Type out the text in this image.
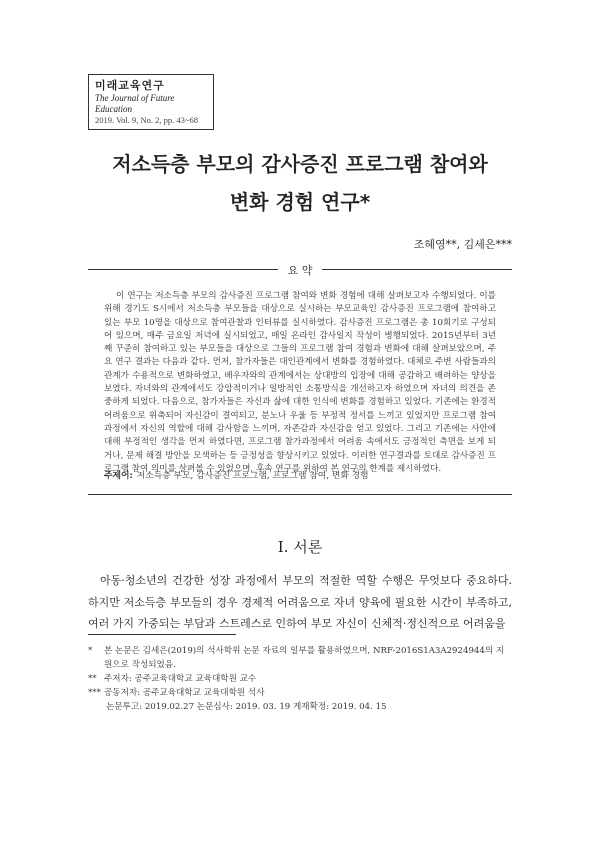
미래교육연구
The Journal of Future Education
2019. Vol. 9, No. 2, pp. 43~68
저소득층 부모의 감사증진 프로그램 참여와
변화 경험 연구*
조혜영**, 김세은***
요 약

이 연구는 저소득층 부모의 감사증진 프로그램 참여와 변화 경험에 대해 살펴보고자 수행되었다. 이를 위해 경기도 S시에서 저소득층 부모들을 대상으로 실시하는 부모교육인 감사증진 프로그램에 참여하고 있는 부모 10명을 대상으로 참여관찰과 인터뷰를 실시하였다. 감사증진 프로그램은 총 10회기로 구성되어 있으며, 매주 금요일 저녁에 실시되었고, 매일 온라인 감사일지 작성이 병행되었다. 2015년부터 3년째 꾸준히 참여하고 있는 부모들을 대상으로 그들의 프로그램 참여 경험과 변화에 대해 살펴보았으며, 주요 연구 결과는 다음과 같다. 먼저, 참가자들은 대인관계에서 변화를 경험하였다. 대체로 주변 사람들과의 관계가 수용적으로 변화하였고, 배우자와의 관계에서는 상대방의 입장에 대해 공감하고 배려하는 양상을 보였다. 자녀와의 관계에서도 강압적이거나 일방적인 소통방식을 개선하고자 하였으며 자녀의 의견을 존중하게 되었다. 다음으로, 참가자들은 자신과 삶에 대한 인식에 변화를 경험하고 있었다. 기존에는 환경적 어려움으로 위축되어 자신감이 결여되고, 분노나 우울 등 부정적 정서를 느끼고 있었지만 프로그램 참여과정에서 자신의 역할에 대해 감사함을 느끼며, 자존감과 자신감을 얻고 있었다. 그리고 기존에는 사안에 대해 부정적인 생각을 먼저 하였다면, 프로그램 참가과정에서 어려움 속에서도 긍정적인 측면을 보게 되거나, 문제 해결 방안을 모색하는 등 긍정성을 향상시키고 있었다. 이러한 연구결과를 토대로 감사증진 프로그램 참여 의미를 살펴볼 수 있었으며, 후속 연구를 위하여 본 연구의 한계를 제시하였다.

주제어: 저소득층 부모, 감사증진 프로그램, 프로그램 참여, 변화 경험
I. 서론

아동·청소년의 건강한 성장 과정에서 부모의 적절한 역할 수행은 무엇보다 중요하다. 하지만 저소득층 부모들의 경우 경제적 어려움으로 자녀 양육에 필요한 시간이 부족하고, 여러 가지 가중되는 부담과 스트레스로 인하여 부모 자신이 신체적·정신적으로 어려움을

*	본 논문은 김세은(2019)의 석사학위 논문 자료의 일부를 활용하였으며, NRF-2016S1A3A2924944의 지원으로 작성되었음.
** 주저자: 공주교육대학교 교육대학원 교수
*** 공동저자: 공주교육대학교 교육대학원 석사
논문투고: 2019.02.27 논문심사: 2019. 03. 19 게재확정: 2019. 04. 15
